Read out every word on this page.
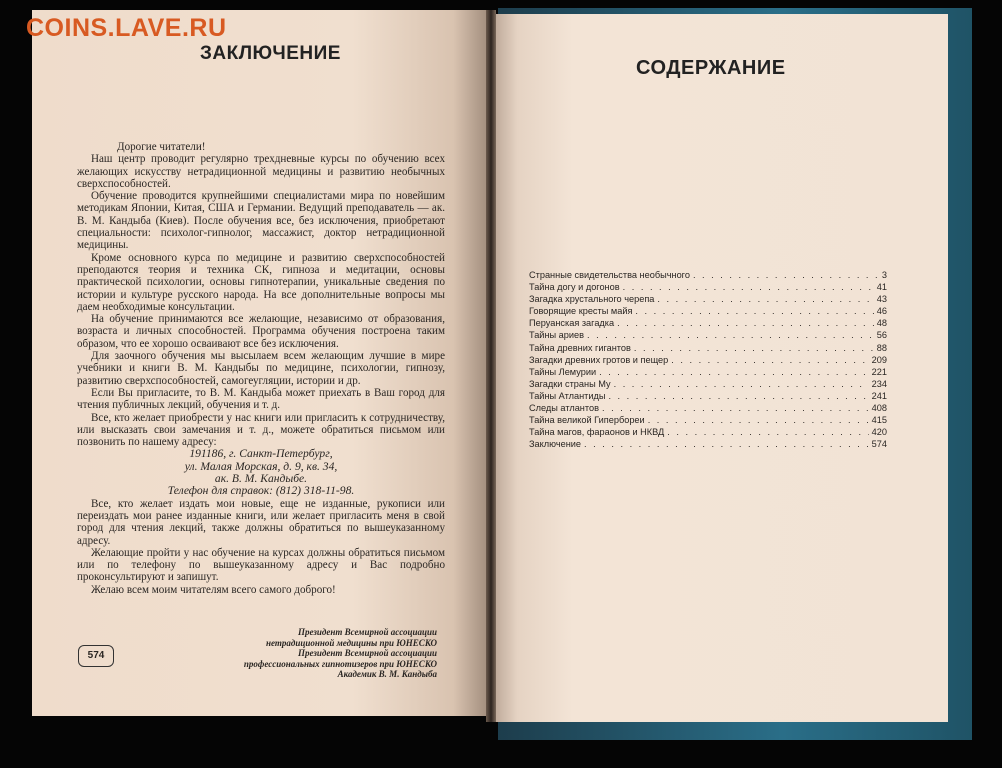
ЗАКЛЮЧЕНИЕ

Дорогие читатели!

Наш центр проводит регулярно трехдневные курсы по обучению всех желающих искусству нетрадиционной медицины и развитию необычных сверхспособностей.

Обучение проводится крупнейшими специалистами мира по новейшим методикам Японии, Китая, США и Германии. Ведущий преподаватель — ак. В. М. Кандыба (Киев). После обучения все, без исключения, приобретают специальности: психолог-гипнолог, массажист, доктор нетрадиционной медицины.

Кроме основного курса по медицине и развитию сверхспособностей преподаются теория и техника СК, гипноза и медитации, основы практической психологии, основы гипнотерапии, уникальные сведения по истории и культуре русского народа. На все дополнительные вопросы мы даем необходимые консультации.

На обучение принимаются все желающие, независимо от образования, возраста и личных способностей. Программа обучения построена таким образом, что ее хорошо осваивают все без исключения.

Для заочного обучения мы высылаем всем желающим лучшие в мире учебники и книги В. М. Кандыбы по медицине, психологии, гипнозу, развитию сверхспособностей, самогеугляции, истории и др.

Если Вы пригласите, то В. М. Кандыба может приехать в Ваш город для чтения публичных лекций, обучения и т. д.

Все, кто желает приобрести у нас книги или пригласить к сотрудничеству, или высказать свои замечания и т. д., можете обратиться письмом или позвонить по нашему адресу:

191186, г. Санкт-Петербург,

ул. Малая Морская, д. 9, кв. 34,

ак. В. М. Кандыбе.

Телефон для справок: (812) 318-11-98.

Все, кто желает издать мои новые, еще не изданные, рукописи или переиздать мои ранее изданные книги, или желает пригласить меня в свой город для чтения лекций, также должны обратиться по вышеуказанному адресу.

Желающие пройти у нас обучение на курсах должны обратиться письмом или по телефону по вышеуказанному адресу и Вас подробно проконсультируют и запишут.

Желаю всем моим читателям всего самого доброго!

574
Президент Всемирной ассоциации
нетрадиционной медицины при ЮНЕСКО
Президент Всемирной ассоциации
профессиональных гипнотизеров при ЮНЕСКО
Академик В. М. Кандыба
СОДЕРЖАНИЕ
Странные свидетельства необычного . . .	3
Тайна догу и догонов . . .	41
Загадка хрустального черепа . . .	43
Говорящие кресты майя . . .	46
Перуанская загадка . . .	48
Тайны ариев . . .	56
Тайна древних гигантов . . .	88
Загадки древних гротов и пещер . . .	209
Тайны Лемурии . . .	221
Загадки страны Му . . .	234
Тайны Атлантиды . . .	241
Следы атлантов . . .	408
Тайна великой Гипербореи . . .	415
Тайна магов, фараонов и НКВД . . .	420
Заключение . . .	574
COINS.LAVE.RU
